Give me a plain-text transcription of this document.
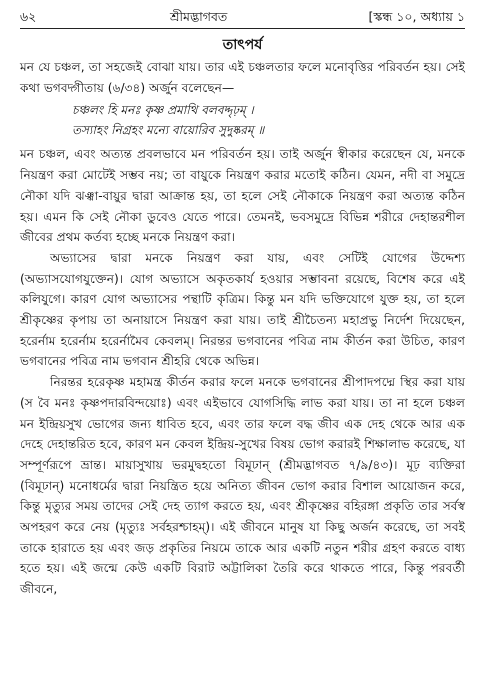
৬২	শ্রীমদ্ভাগবত	[স্কন্ধ ১০, অধ্যায় ১
তাৎপর্য

মন যে চঞ্চল, তা সহজেই বোঝা যায়। তার এই চঞ্চলতার ফলে মনোবৃত্তির পরিবর্তন হয়। সেই কথা ভগবদ্গীতায় (৬/৩৪) অর্জুন বলেছেন—

চঞ্চলং হি মনঃ কৃষ্ণ প্রমাথি বলবদ্দৃঢ়ম্ ।
তস্যাহং নিগ্রহং মন্যে বায়োরিব সুদুষ্করম্ ॥

মন চঞ্চল, এবং অত্যন্ত প্রবলভাবে মন পরিবর্তন হয়। তাই অর্জুন স্বীকার করেছেন যে, মনকে নিয়ন্ত্রণ করা মোটেই সম্ভব নয়; তা বায়ুকে নিয়ন্ত্রণ করার মতোই কঠিন। যেমন, নদী বা সমুদ্রে নৌকা যদি ঝঞ্ঝা-বায়ুর দ্বারা আক্রান্ত হয়, তা হলে সেই নৌকাকে নিয়ন্ত্রণ করা অত্যন্ত কঠিন হয়। এমন কি সেই নৌকা ডুবেও যেতে পারে। তেমনই, ভবসমুদ্রে বিভিন্ন শরীরে দেহান্তরশীল জীবের প্রথম কর্তব্য হচ্ছে মনকে নিয়ন্ত্রণ করা।

অভ্যাসের দ্বারা মনকে নিয়ন্ত্রণ করা যায়, এবং সেটিই যোগের উদ্দেশ্য (অভ্যাসযোগযুক্তেন)। যোগ অভ্যাসে অকৃতকার্য হওয়ার সম্ভাবনা রয়েছে, বিশেষ করে এই কলিযুগে। কারণ যোগ অভ্যাসের পন্থাটি কৃত্রিম। কিন্তু মন যদি ভক্তিযোগে যুক্ত হয়, তা হলে শ্রীকৃষ্ণের কৃপায় তা অনায়াসে নিয়ন্ত্রণ করা যায়। তাই শ্রীচৈতন্য মহাপ্রভু নির্দেশ দিয়েছেন, হরের্নাম হরের্নাম হরের্নামৈব কেবলম্। নিরন্তর ভগবানের পবিত্র নাম কীর্তন করা উচিত, কারণ ভগবানের পবিত্র নাম ভগবান শ্রীহরি থেকে অভিন্ন।

নিরন্তর হরেকৃষ্ণ মহামন্ত্র কীর্তন করার ফলে মনকে ভগবানের শ্রীপাদপদ্মে স্থির করা যায় (স বৈ মনঃ কৃষ্ণপদারবিন্দয়োঃ) এবং এইভাবে যোগসিদ্ধি লাভ করা যায়। তা না হলে চঞ্চল মন ইন্দ্রিয়সুখ ভোগের জন্য ধাবিত হবে, এবং তার ফলে বদ্ধ জীব এক দেহ থেকে আর এক দেহে দেহান্তরিত হবে, কারণ মন কেবল ইন্দ্রিয়-সুখের বিষয় ভোগ করারই শিক্ষালাভ করেছে, যা সম্পূর্ণরূপে ভ্রান্ত। মায়াসুখায় ভরমুদ্বহতো বিমূঢান্ (শ্রীমদ্ভাগবত ৭/৯/৪৩)। মূঢ় ব্যক্তিরা (বিমূঢান্) মনোধর্মের দ্বারা নিয়ন্ত্রিত হয়ে অনিত্য জীবন ভোগ করার বিশাল আয়োজন করে, কিন্তু মৃত্যুর সময় তাদের সেই দেহ ত্যাগ করতে হয়, এবং শ্রীকৃষ্ণের বহিরঙ্গা প্রকৃতি তার সর্বস্ব অপহরণ করে নেয় (মৃত্যুঃ সর্বহরশ্চাহম্)। এই জীবনে মানুষ যা কিছু অর্জন করেছে, তা সবই তাকে হারাতে হয় এবং জড় প্রকৃতির নিয়মে তাকে আর একটি নতুন শরীর গ্রহণ করতে বাধ্য হতে হয়। এই জন্মে কেউ একটি বিরাট অট্টালিকা তৈরি করে থাকতে পারে, কিন্তু পরবর্তী জীবনে,
